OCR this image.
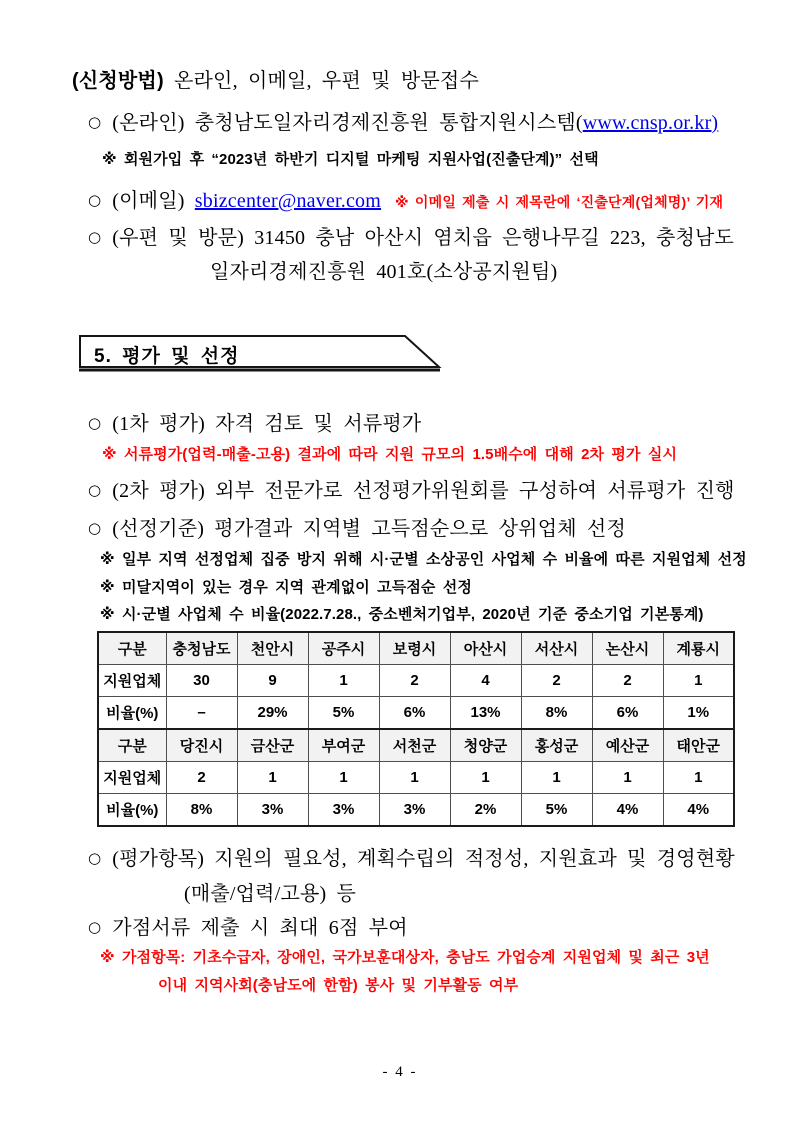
(신청방법) 온라인, 이메일, 우편 및 방문접수
○ (온라인) 충청남도일자리경제진흥원 통합지원시스템(www.cnsp.or.kr)
※ 회원가입 후 “2023년 하반기 디지털 마케팅 지원사업(진출단계)” 선택
○ (이메일) sbizcenter@naver.com ※ 이메일 제출 시 제목란에 ‘진출단계(업체명)’ 기재
○ (우편 및 방문) 31450 충남 아산시 염치읍 은행나무길 223, 충청남도
일자리경제진흥원 401호(소상공지원팀)
5. 평가 및 선정
○ (1차 평가) 자격 검토 및 서류평가
※ 서류평가(업력-매출-고용) 결과에 따라 지원 규모의 1.5배수에 대해 2차 평가 실시
○ (2차 평가) 외부 전문가로 선정평가위원회를 구성하여 서류평가 진행
○ (선정기준) 평가결과 지역별 고득점순으로 상위업체 선정
※ 일부 지역 선정업체 집중 방지 위해 시·군별 소상공인 사업체 수 비율에 따른 지원업체 선정
※ 미달지역이 있는 경우 지역 관계없이 고득점순 선정
※ 시·군별 사업체 수 비율(2022.7.28., 중소벤처기업부, 2020년 기준 중소기업 기본통계)
구분	충청남도	천안시	공주시	보령시	아산시	서산시	논산시	계룡시
지원업체	30	9	1	2	4	2	2	1
비율(%)	–	29%	5%	6%	13%	8%	6%	1%
구분	당진시	금산군	부여군	서천군	청양군	홍성군	예산군	태안군
지원업체	2	1	1	1	1	1	1	1
비율(%)	8%	3%	3%	3%	2%	5%	4%	4%
○ (평가항목) 지원의 필요성, 계획수립의 적정성, 지원효과 및 경영현황
(매출/업력/고용) 등
○ 가점서류 제출 시 최대 6점 부여
※ 가점항목: 기초수급자, 장애인, 국가보훈대상자, 충남도 가업승계 지원업체 및 최근 3년
이내 지역사회(충남도에 한함) 봉사 및 기부활동 여부
- 4 -
